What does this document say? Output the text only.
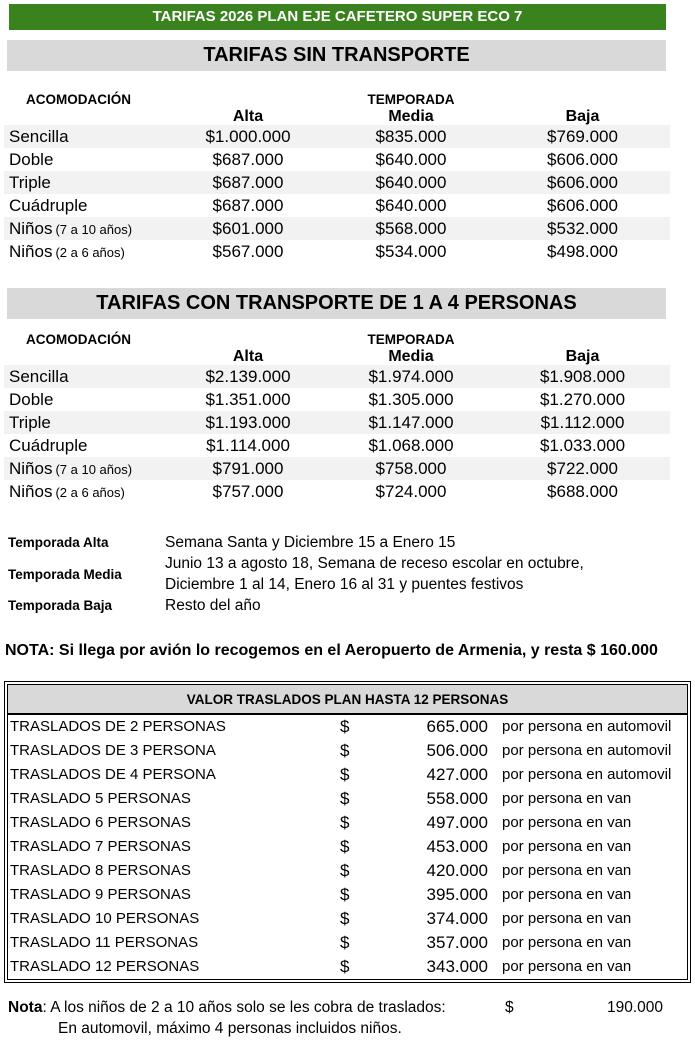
TARIFAS 2026 PLAN EJE CAFETERO SUPER ECO 7
TARIFAS SIN TRANSPORTE
ACOMODACIÓN	TEMPORADA
Alta	Media	Baja
Sencilla	$1.000.000	$835.000	$769.000
Doble	$687.000	$640.000	$606.000
Triple	$687.000	$640.000	$606.000
Cuádruple	$687.000	$640.000	$606.000
Niños (7 a 10 años)	$601.000	$568.000	$532.000
Niños (2 a 6 años)	$567.000	$534.000	$498.000
TARIFAS CON TRANSPORTE DE 1 A 4 PERSONAS
ACOMODACIÓN	TEMPORADA
Alta	Media	Baja
Sencilla	$2.139.000	$1.974.000	$1.908.000
Doble	$1.351.000	$1.305.000	$1.270.000
Triple	$1.193.000	$1.147.000	$1.112.000
Cuádruple	$1.114.000	$1.068.000	$1.033.000
Niños (7 a 10 años)	$791.000	$758.000	$722.000
Niños (2 a 6 años)	$757.000	$724.000	$688.000
Temporada Alta	Semana Santa y Diciembre 15 a Enero 15
Temporada Media
Junio 13 a agosto 18, Semana de receso escolar en octubre, Diciembre 1 al 14, Enero 16 al 31 y puentes festivos
Temporada Baja	Resto del año
NOTA: Si llega por avión lo recogemos en el Aeropuerto de Armenia, y resta $ 160.000
VALOR TRASLADOS PLAN HASTA 12 PERSONAS
TRASLADOS DE 2 PERSONAS	$	665.000 por persona en automovil
TRASLADOS DE 3 PERSONA	$	506.000 por persona en automovil
TRASLADOS DE 4 PERSONA	$	427.000 por persona en automovil
TRASLADO 5 PERSONAS	$	558.000 por persona en van
TRASLADO 6 PERSONAS	$	497.000 por persona en van
TRASLADO 7 PERSONAS	$	453.000 por persona en van
TRASLADO 8 PERSONAS	$	420.000 por persona en van
TRASLADO 9 PERSONAS	$	395.000 por persona en van
TRASLADO 10 PERSONAS	$	374.000 por persona en van
TRASLADO 11 PERSONAS	$	357.000 por persona en van
TRASLADO 12 PERSONAS	$	343.000 por persona en van
Nota: A los niños de 2 a 10 años solo se les cobra de traslados:	$	190.000
En automovil, máximo 4 personas incluidos niños.
